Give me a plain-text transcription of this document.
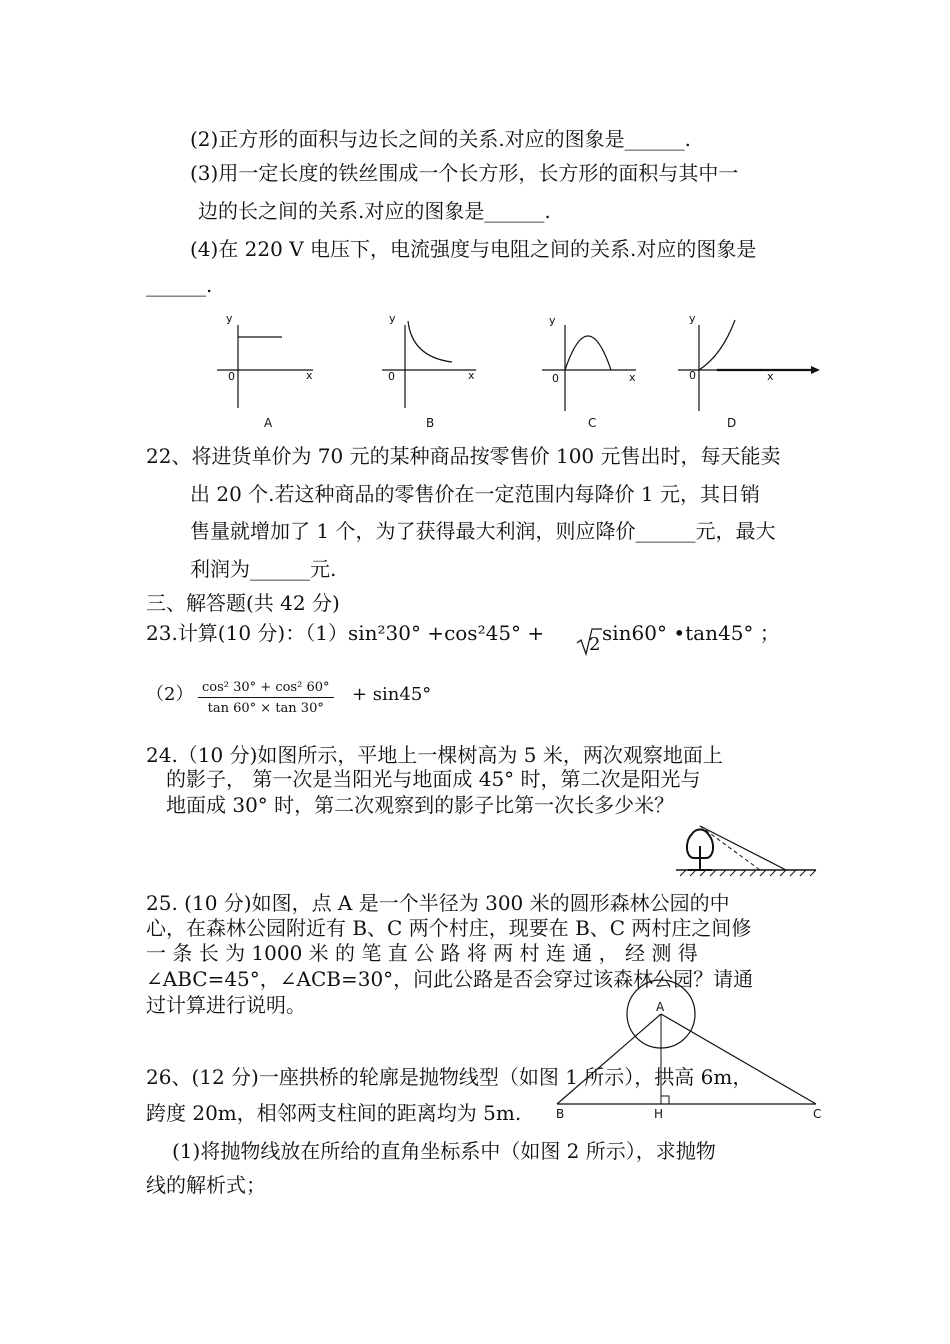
(2)正方形的面积与边长之间的关系.对应的图象是______.
(3)用一定长度的铁丝围成一个长方形，长方形的面积与其中一
边的长之间的关系.对应的图象是______.
(4)在 220 V 电压下，电流强度与电阻之间的关系.对应的图象是
______.
y
x
0
A
y
x
0
B
y
x
0
C
y
x
0
D
22、将进货单价为 70 元的某种商品按零售价 100 元售出时，每天能卖
出 20 个.若这种商品的零售价在一定范围内每降价 1 元，其日销
售量就增加了 1 个，为了获得最大利润，则应降价______元，最大
利润为______元.
三、解答题(共 42 分)
23.计算(10 分)：（1）sin²30° +cos²45° + 2 sin60° •tan45° ；
$(2) \frac{\text{cos² 30° + cos² 60°}}{\tan 60^\circ \times \tan 30^\circ} + \sin 45^\circ$
24.（10 分)如图所示，平地上一棵树高为 5 米，两次观察地面上
的影子， 第一次是当阳光与地面成 45° 时，第二次是阳光与
地面成 30° 时，第二次观察到的影子比第一次长多少米？
25. (10 分)如图，点 A 是一个半径为 300 米的圆形森林公园的中
心，在森林公园附近有 B、C 两个村庄，现要在 B、C 两村庄之间修
一 条 长 为 1000 米 的 笔 直 公 路 将 两 村 连 通 ， 经 测 得
∠ABC=45°，∠ACB=30°，问此公路是否会穿过该森林公园？请通
过计算进行说明。	A
B	C
H
26、(12 分)一座拱桥的轮廓是抛物线型（如图 1 所示），拱高 6m，
跨度 20m，相邻两支柱间的距离均为 5m.
(1)将抛物线放在所给的直角坐标系中（如图 2 所示），求抛物
线的解析式；
